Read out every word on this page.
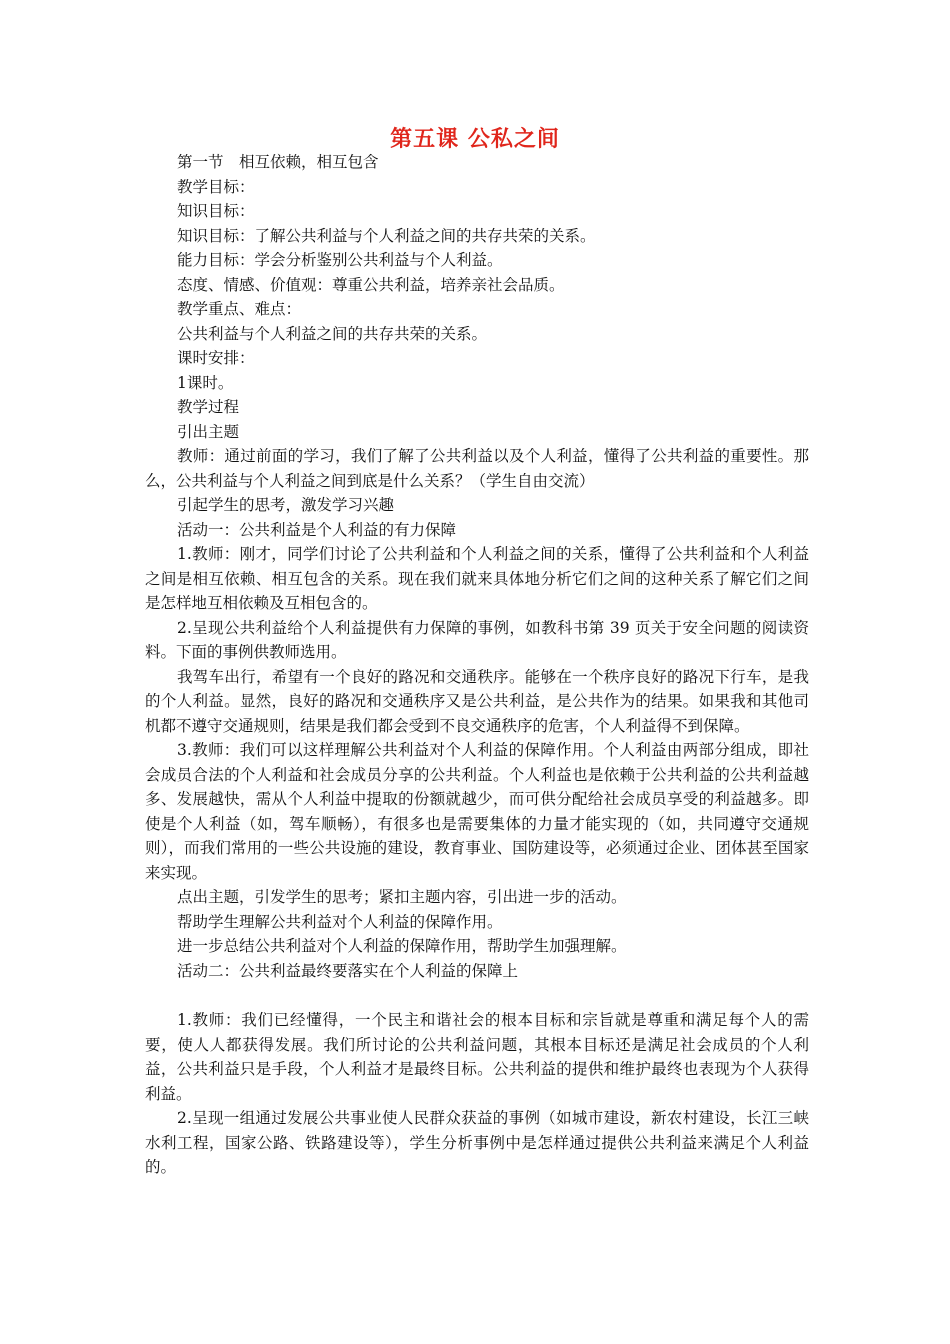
第五课 公私之间

第一节　相互依赖，相互包含

教学目标：

知识目标：

知识目标：了解公共利益与个人利益之间的共存共荣的关系。

能力目标：学会分析鉴别公共利益与个人利益。

态度、情感、价值观：尊重公共利益，培养亲社会品质。

教学重点、难点：

公共利益与个人利益之间的共存共荣的关系。

课时安排：

1课时。

教学过程

引出主题

教师：通过前面的学习，我们了解了公共利益以及个人利益，懂得了公共利益的重要性。那么，公共利益与个人利益之间到底是什么关系？（学生自由交流）

引起学生的思考，激发学习兴趣

活动一：公共利益是个人利益的有力保障

1.教师：刚才，同学们讨论了公共利益和个人利益之间的关系，懂得了公共利益和个人利益之间是相互依赖、相互包含的关系。现在我们就来具体地分析它们之间的这种关系了解它们之间是怎样地互相依赖及互相包含的。

2.呈现公共利益给个人利益提供有力保障的事例，如教科书第 39 页关于安全问题的阅读资料。下面的事例供教师选用。

我驾车出行，希望有一个良好的路况和交通秩序。能够在一个秩序良好的路况下行车，是我的个人利益。显然，良好的路况和交通秩序又是公共利益，是公共作为的结果。如果我和其他司机都不遵守交通规则，结果是我们都会受到不良交通秩序的危害，个人利益得不到保障。

3.教师：我们可以这样理解公共利益对个人利益的保障作用。个人利益由两部分组成，即社会成员合法的个人利益和社会成员分享的公共利益。个人利益也是依赖于公共利益的公共利益越多、发展越快，需从个人利益中提取的份额就越少，而可供分配给社会成员享受的利益越多。即使是个人利益（如，驾车顺畅），有很多也是需要集体的力量才能实现的（如，共同遵守交通规则），而我们常用的一些公共设施的建设，教育事业、国防建设等，必须通过企业、团体甚至国家来实现。

点出主题，引发学生的思考；紧扣主题内容，引出进一步的活动。

帮助学生理解公共利益对个人利益的保障作用。

进一步总结公共利益对个人利益的保障作用，帮助学生加强理解。

活动二：公共利益最终要落实在个人利益的保障上

1.教师：我们已经懂得，一个民主和谐社会的根本目标和宗旨就是尊重和满足每个人的需要，使人人都获得发展。我们所讨论的公共利益问题，其根本目标还是满足社会成员的个人利益，公共利益只是手段，个人利益才是最终目标。公共利益的提供和维护最终也表现为个人获得利益。

2.呈现一组通过发展公共事业使人民群众获益的事例（如城市建设，新农村建设，长江三峡水利工程，国家公路、铁路建设等），学生分析事例中是怎样通过提供公共利益来满足个人利益的。
